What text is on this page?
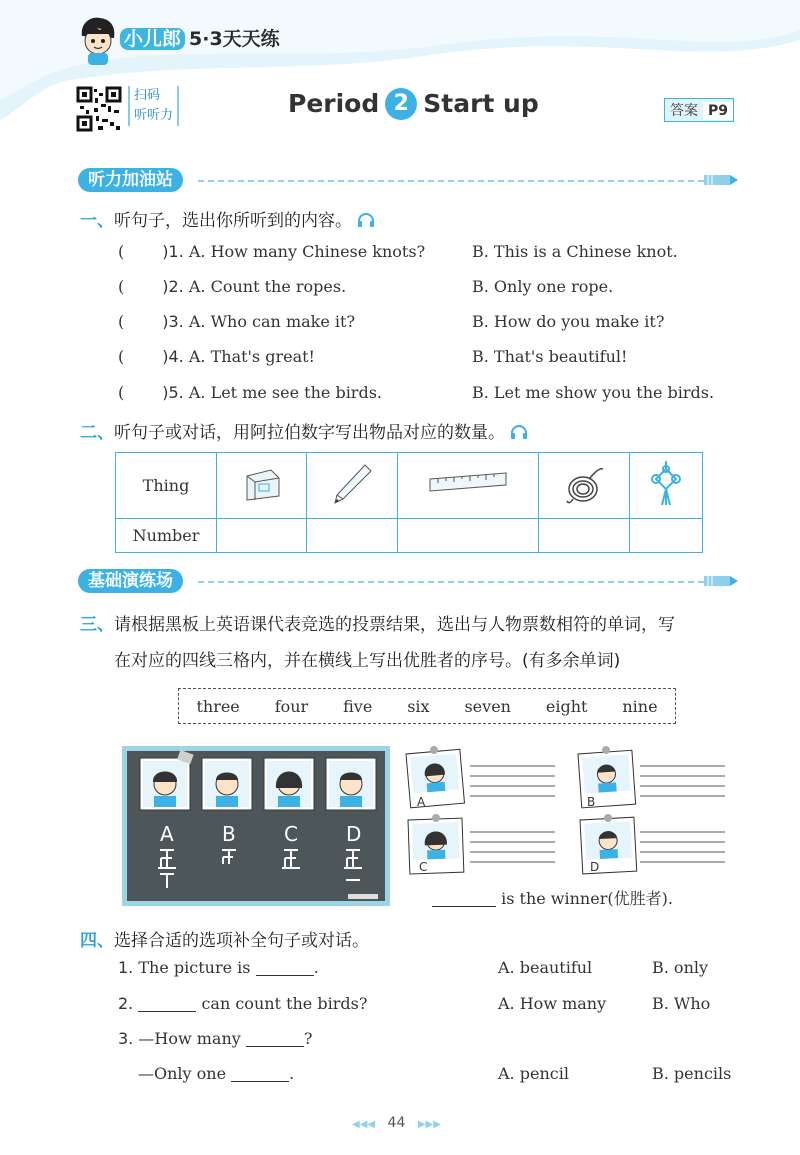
小儿郎 5·3天天练
扫码
听听力	Period 2 Start up	答案 P9
听力加油站
一、听句子，选出你所听到的内容。
( )1. A. How many Chinese knots?	B. This is a Chinese knot.
( )2. A. Count the ropes.	B. Only one rope.
( )3. A. Who can make it?	B. How do you make it?
( )4. A. That's great!	B. That's beautiful!
( )5. A. Let me see the birds.	B. Let me show you the birds.
二、听句子或对话，用阿拉伯数字写出物品对应的数量。
Thing					
Number					
基础演练场
三、请根据黑板上英语课代表竞选的投票结果，选出与人物票数相符的单词，写
在对应的四线三格内，并在横线上写出优胜者的序号。(有多余单词)
three four five six seven eight nine
A B C D
A	B
C	D
is the winner(优胜者).
四、选择合适的选项补全句子或对话。
1. The picture is	.	A. beautiful	B. only
2.	can count the birds?	A. How many	B. Who
3. —How many	?
—Only one	.	A. pencil	B. pencils
◀◀◀ 44 ▶▶▶
